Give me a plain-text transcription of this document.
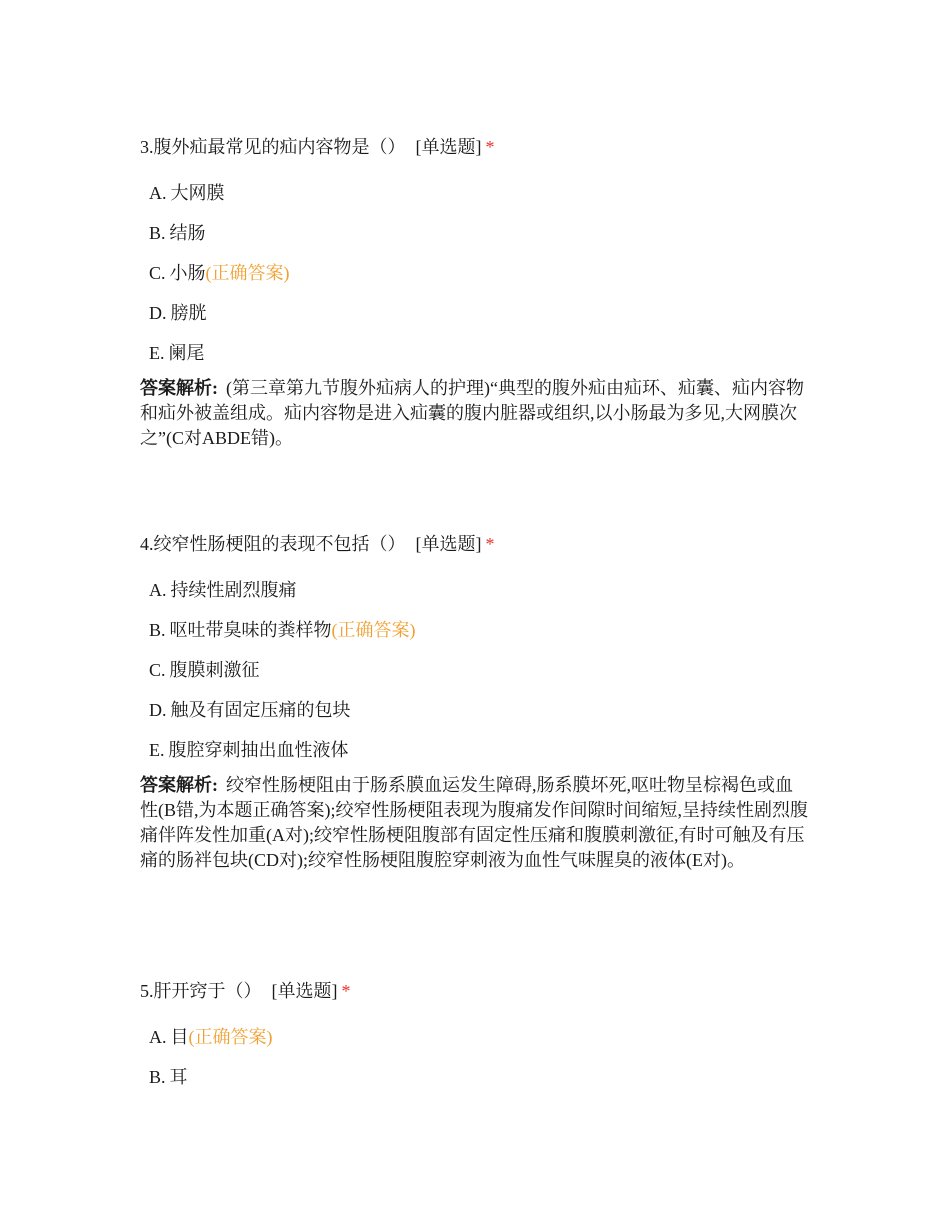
3.腹外疝最常见的疝内容物是（） [单选题] *
A. 大网膜
B. 结肠
C. 小肠(正确答案)
D. 膀胱
E. 阑尾

答案解析: (第三章第九节腹外疝病人的护理)“典型的腹外疝由疝环、疝囊、疝内容物和疝外被盖组成。疝内容物是进入疝囊的腹内脏器或组织,以小肠最为多见,大网膜次之”(C对ABDE错)。

4.绞窄性肠梗阻的表现不包括（） [单选题] *
A. 持续性剧烈腹痛
B. 呕吐带臭味的粪样物(正确答案)
C. 腹膜刺激征
D. 触及有固定压痛的包块
E. 腹腔穿刺抽出血性液体

答案解析: 绞窄性肠梗阻由于肠系膜血运发生障碍,肠系膜坏死,呕吐物呈棕褐色或血性(B错,为本题正确答案);绞窄性肠梗阻表现为腹痛发作间隙时间缩短,呈持续性剧烈腹痛伴阵发性加重(A对);绞窄性肠梗阻腹部有固定性压痛和腹膜刺激征,有时可触及有压痛的肠袢包块(CD对);绞窄性肠梗阻腹腔穿刺液为血性气味腥臭的液体(E对)。

5.肝开窍于（） [单选题] *
A. 目(正确答案)
B. 耳
